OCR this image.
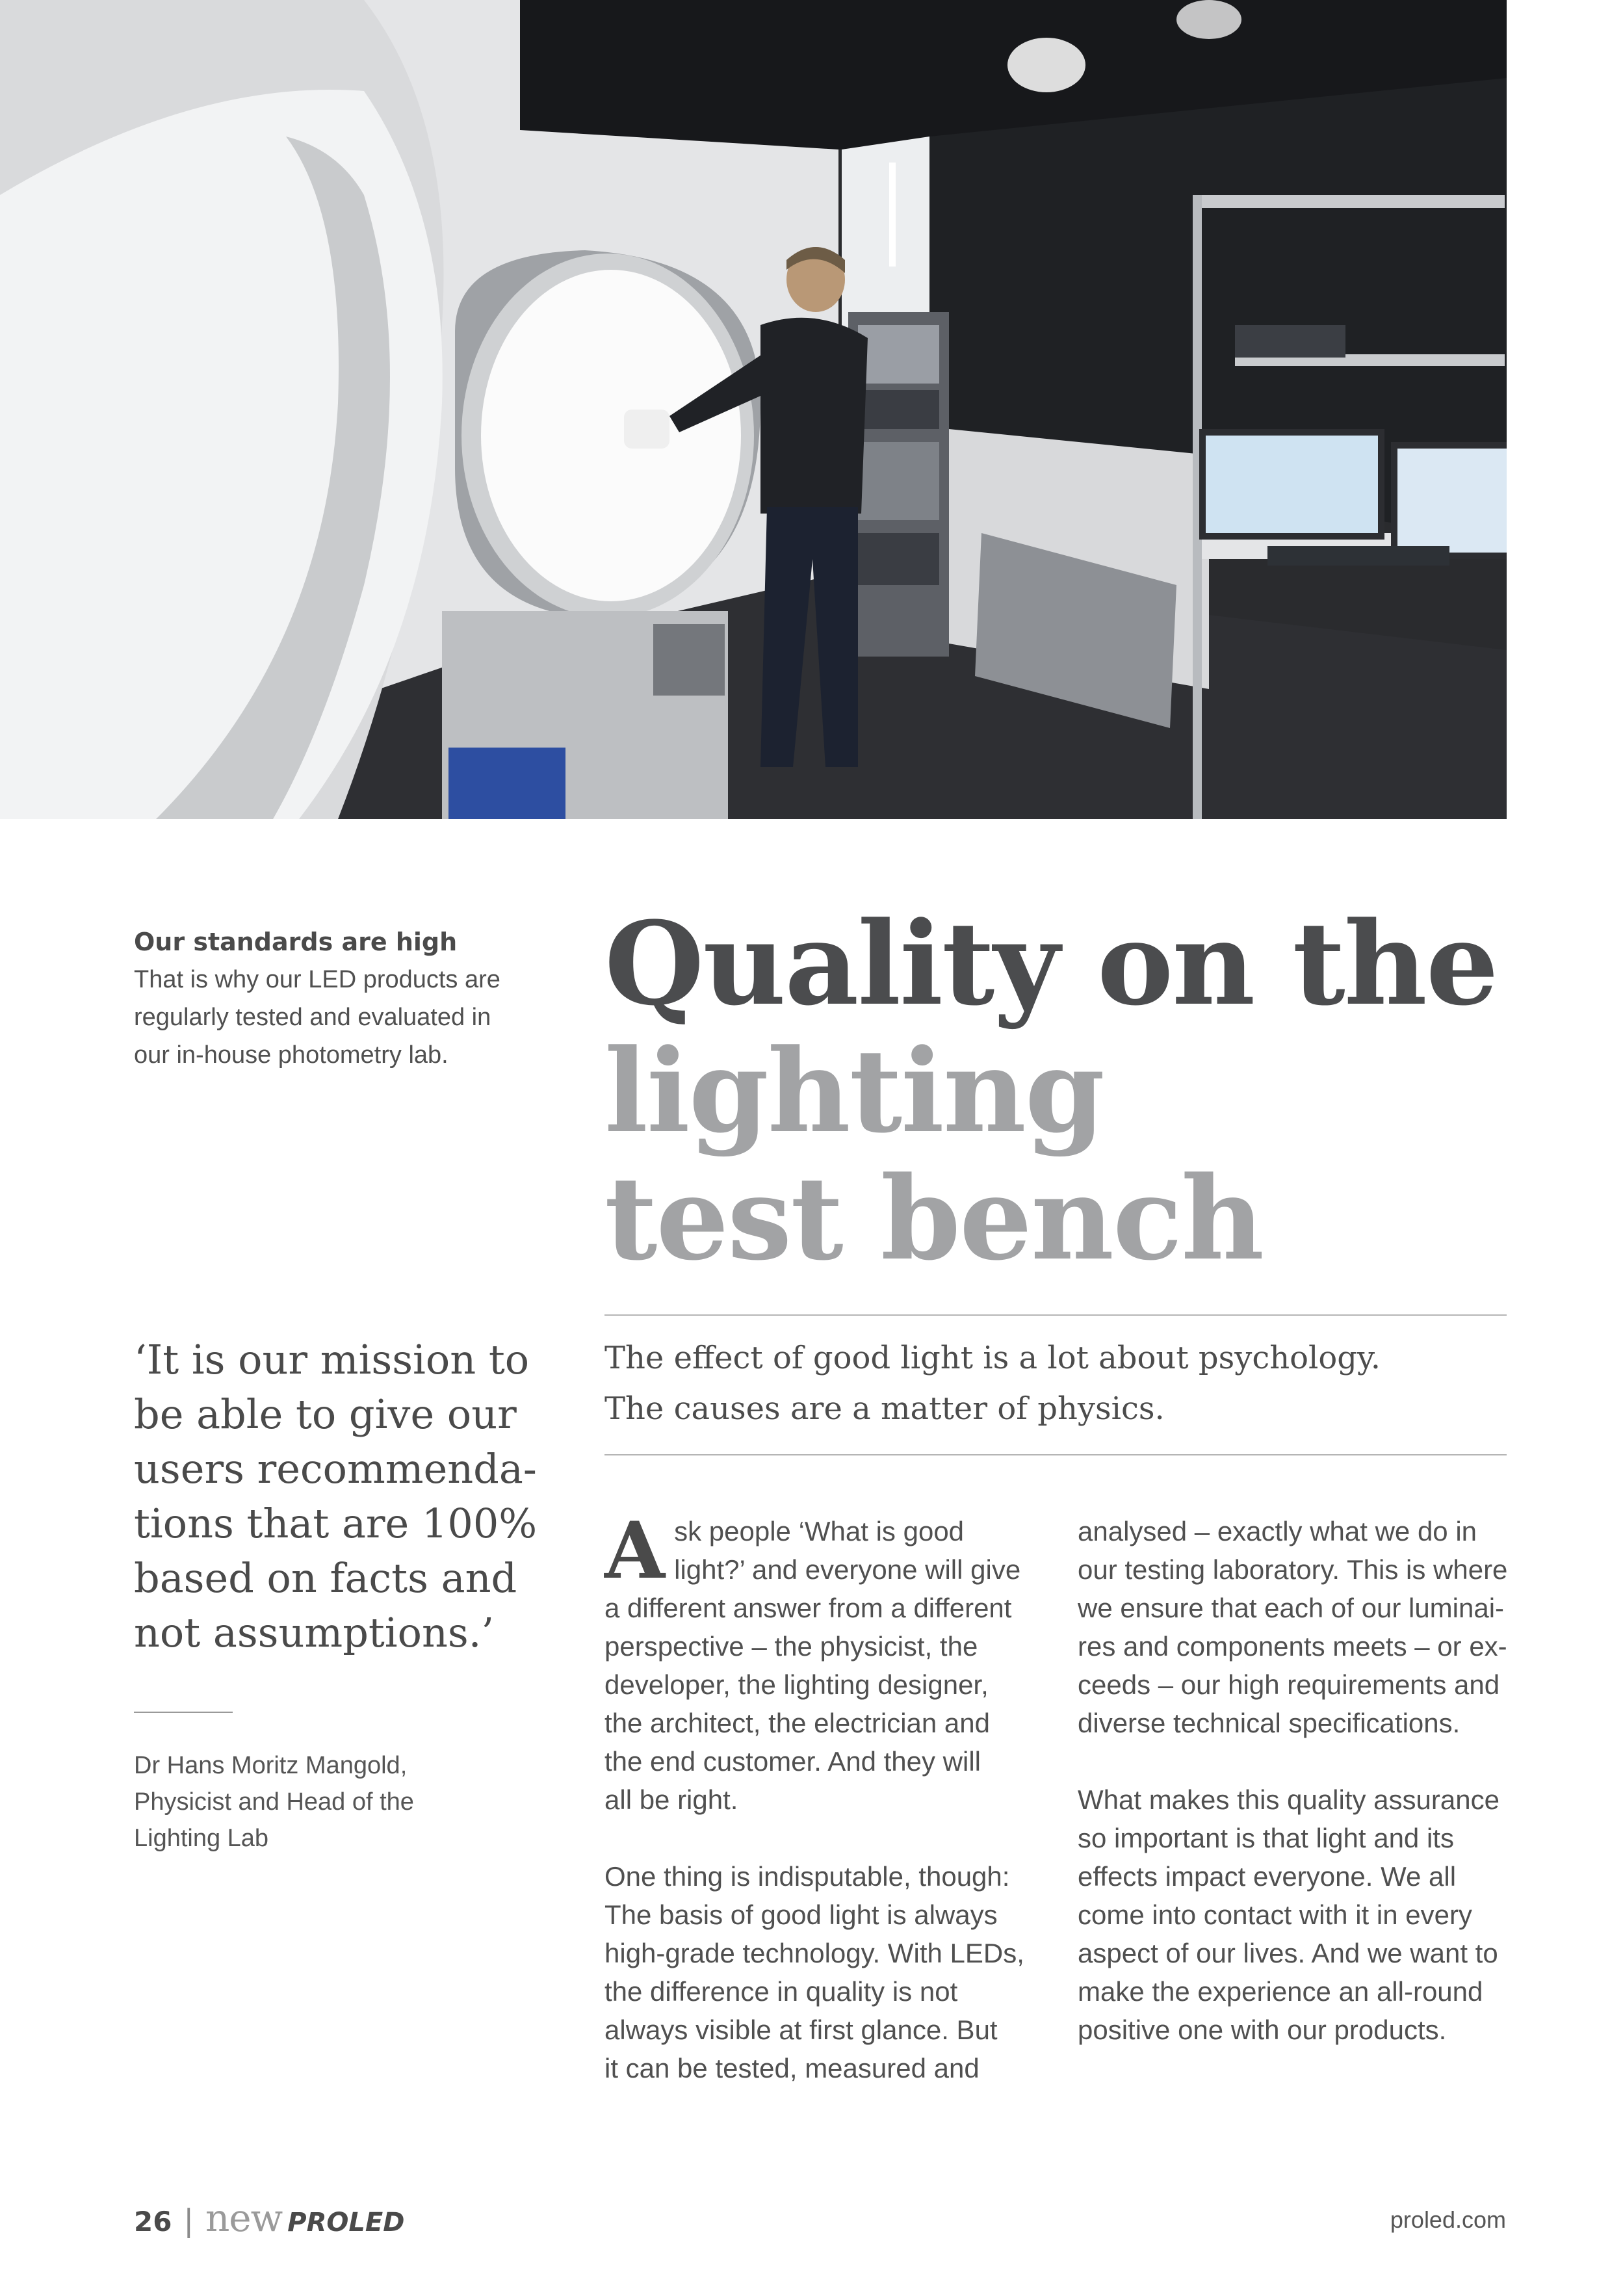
Our standards are high
That is why our LED products are
regularly tested and evaluated in
our in-house photometry lab.
Quality on the
lighting
test bench
The effect of good light is a lot about psychology.
The causes are a matter of physics.
‘It is our mission to
be able to give our
users recommenda-
tions that are 100%
based on facts and
not assumptions.’
Dr Hans Moritz Mangold,
Physicist and Head of the
Lighting Lab

A sk people ‘What is good
light?’ and everyone will give
a different answer from a different
perspective – the physicist, the
developer, the lighting designer,
the architect, the electrician and
the end customer. And they will
all be right.

One thing is indisputable, though:
The basis of good light is always
high-grade technology. With LEDs,
the difference in quality is not
always visible at first glance. But
it can be tested, measured and

analysed – exactly what we do in
our testing laboratory. This is where
we ensure that each of our luminai-
res and components meets – or ex-
ceeds – our high requirements and
diverse technical specifications.

What makes this quality assurance
so important is that light and its
effects impact everyone. We all
come into contact with it in every
aspect of our lives. And we want to
make the experience an all-round
positive one with our products.

26 | new PROLED	proled.com
